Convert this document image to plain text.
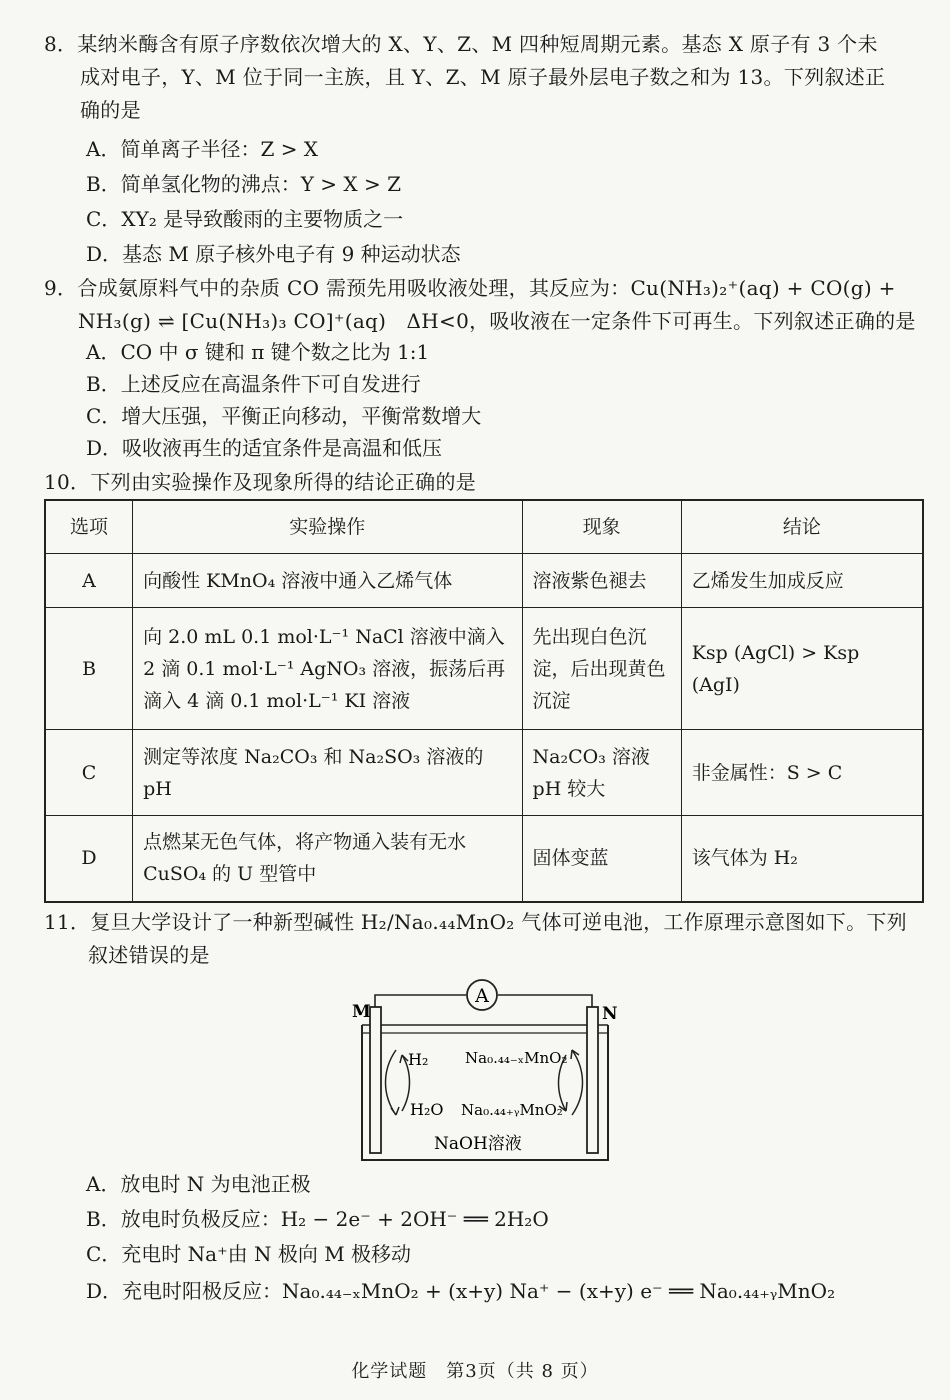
8．某纳米酶含有原子序数依次增大的 X、Y、Z、M 四种短周期元素。基态 X 原子有 3 个未
成对电子，Y、M 位于同一主族，且 Y、Z、M 原子最外层电子数之和为 13。下列叙述正
确的是
A．简单离子半径：Z > X
B．简单氢化物的沸点：Y > X > Z
C．XY₂ 是导致酸雨的主要物质之一
D．基态 M 原子核外电子有 9 种运动状态
9．合成氨原料气中的杂质 CO 需预先用吸收液处理，其反应为：Cu(NH₃)₂⁺(aq) + CO(g) +
NH₃(g) ⇌ [Cu(NH₃)₃ CO]⁺(aq)　ΔH<0，吸收液在一定条件下可再生。下列叙述正确的是
A．CO 中 σ 键和 π 键个数之比为 1:1
B．上述反应在高温条件下可自发进行
C．增大压强，平衡正向移动，平衡常数增大
D．吸收液再生的适宜条件是高温和低压
10．下列由实验操作及现象所得的结论正确的是
选项	实验操作	现象	结论
A	向酸性 KMnO₄ 溶液中通入乙烯气体	溶液紫色褪去	乙烯发生加成反应
B	向 2.0 mL 0.1 mol·L⁻¹ NaCl 溶液中滴入 2 滴 0.1 mol·L⁻¹ AgNO₃ 溶液，振荡后再滴入 4 滴 0.1 mol·L⁻¹ KI 溶液	先出现白色沉淀，后出现黄色沉淀	Ksp (AgCl) > Ksp (AgI)
C	测定等浓度 Na₂CO₃ 和 Na₂SO₃ 溶液的 pH	Na₂CO₃ 溶液 pH 较大	非金属性：S > C
D	点燃某无色气体，将产物通入装有无水 CuSO₄ 的 U 型管中	固体变蓝	该气体为 H₂
11．复旦大学设计了一种新型碱性 H₂/Na₀.₄₄MnO₂ 气体可逆电池，工作原理示意图如下。下列
叙述错误的是
A
M	N
H₂
H₂O
Na₀.₄₄₋ₓMnO₂
Na₀.₄₄₊ᵧMnO₂
NaOH溶液
A．放电时 N 为电池正极
B．放电时负极反应：H₂ − 2e⁻ + 2OH⁻ ══ 2H₂O
C．充电时 Na⁺由 N 极向 M 极移动
D．充电时阳极反应：Na₀.₄₄₋ₓMnO₂ + (x+y) Na⁺ − (x+y) e⁻ ══ Na₀.₄₄₊ᵧMnO₂
化学试题　第3页（共 8 页）
